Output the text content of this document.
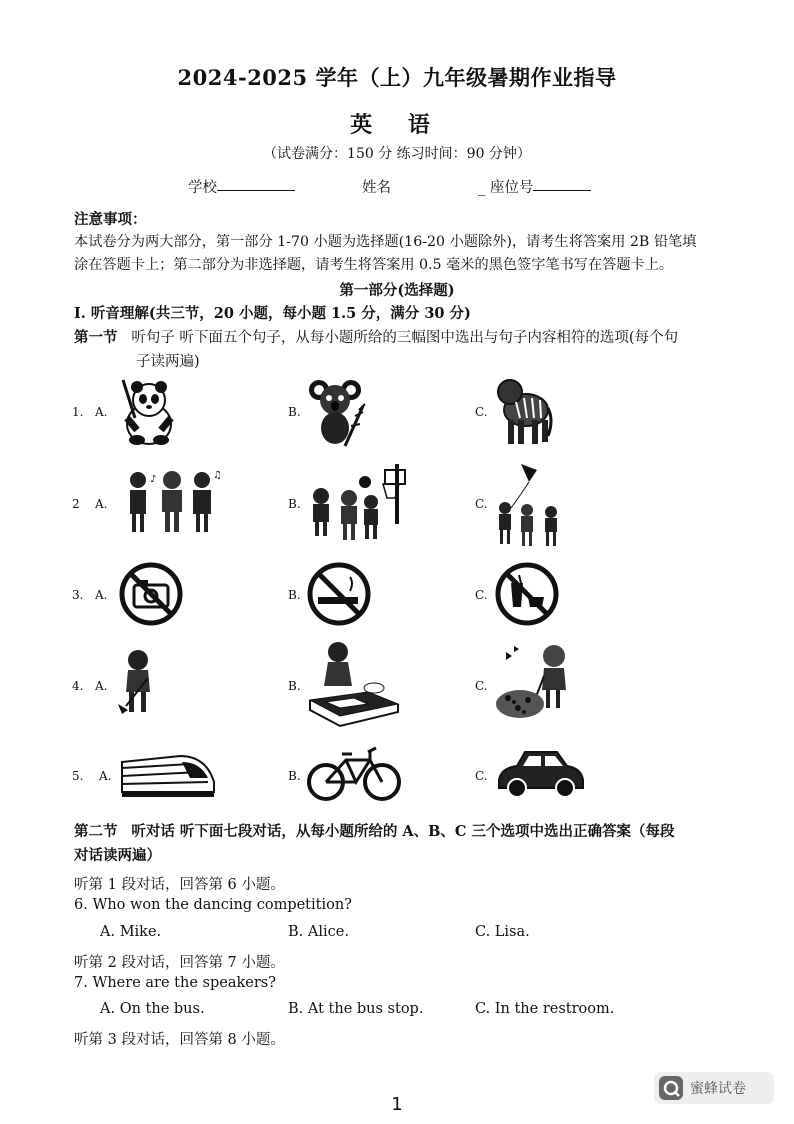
2024-2025 学年（上）九年级暑期作业指导
英 语
（试卷满分：150 分 练习时间：90 分钟）
学校	姓名	_ 座位号
注意事项：
本试卷分为两大部分，第一部分 1-70 小题为选择题(16-20 小题除外)，请考生将答案用 2B 铅笔填
涂在答题卡上；第二部分为非选择题，请考生将答案用 0.5 毫米的黑色签字笔书写在答题卡上。
第一部分(选择题)
I. 听音理解(共三节，20 小题，每小题 1.5 分，满分 30 分)
第一节 听句子 听下面五个句子，从每小题所给的三幅图中选出与句子内容相符的选项(每个句
子读两遍)
1. A.	B.	C.
2 A.
♪	♫
B.	C.
3. A.	B.	C.
4. A.	B.	C.
5. A.	B.	C.
第二节 听对话 听下面七段对话，从每小题所给的 A、B、C 三个选项中选出正确答案（每段
对话读两遍）
听第 1 段对话，回答第 6 小题。
6. Who won the dancing competition?
A. Mike.	B. Alice.	C. Lisa.
听第 2 段对话，回答第 7 小题。
7. Where are the speakers?
A. On the bus.	B. At the bus stop.	C. In the restroom.
听第 3 段对话，回答第 8 小题。
1
蜜蜂试卷
